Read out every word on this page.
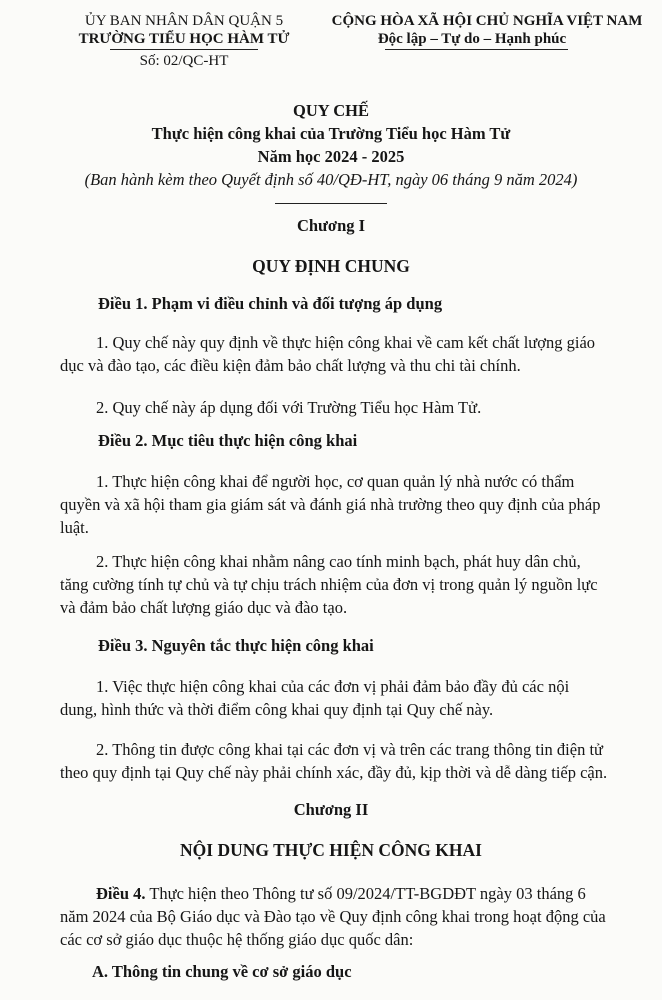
ỦY BAN NHÂN DÂN QUẬN 5
TRƯỜNG TIỂU HỌC HÀM TỬ
Số: 02/QC-HT
CỘNG HÒA XÃ HỘI CHỦ NGHĨA VIỆT NAM
Độc lập – Tự do – Hạnh phúc
QUY CHẾ
Thực hiện công khai của Trường Tiểu học Hàm Tử
Năm học 2024 - 2025
(Ban hành kèm theo Quyết định số 40/QĐ-HT, ngày 06 tháng 9 năm 2024)
Chương I
QUY ĐỊNH CHUNG
Điều 1. Phạm vi điều chỉnh và đối tượng áp dụng
1. Quy chế này quy định về thực hiện công khai về cam kết chất lượng giáo
dục và đào tạo, các điều kiện đảm bảo chất lượng và thu chi tài chính.
2. Quy chế này áp dụng đối với Trường Tiểu học Hàm Tử.
Điều 2. Mục tiêu thực hiện công khai
1. Thực hiện công khai để người học, cơ quan quản lý nhà nước có thẩm
quyền và xã hội tham gia giám sát và đánh giá nhà trường theo quy định của pháp
luật.
2. Thực hiện công khai nhằm nâng cao tính minh bạch, phát huy dân chủ,
tăng cường tính tự chủ và tự chịu trách nhiệm của đơn vị trong quản lý nguồn lực
và đảm bảo chất lượng giáo dục và đào tạo.
Điều 3. Nguyên tắc thực hiện công khai
1. Việc thực hiện công khai của các đơn vị phải đảm bảo đầy đủ các nội
dung, hình thức và thời điểm công khai quy định tại Quy chế này.
2. Thông tin được công khai tại các đơn vị và trên các trang thông tin điện tử
theo quy định tại Quy chế này phải chính xác, đầy đủ, kịp thời và dễ dàng tiếp cận.
Chương II
NỘI DUNG THỰC HIỆN CÔNG KHAI
Điều 4. Thực hiện theo Thông tư số 09/2024/TT-BGDĐT ngày 03 tháng 6
năm 2024 của Bộ Giáo dục và Đào tạo về Quy định công khai trong hoạt động của
các cơ sở giáo dục thuộc hệ thống giáo dục quốc dân:
A. Thông tin chung về cơ sở giáo dục
